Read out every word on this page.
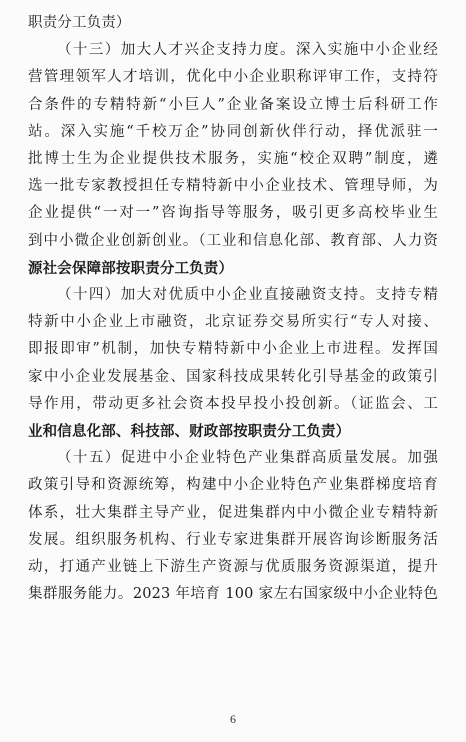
职责分工负责）
（十三）加大人才兴企支持力度。深入实施中小企业经
营管理领军人才培训，优化中小企业职称评审工作，支持符
合条件的专精特新“小巨人”企业备案设立博士后科研工作
站。深入实施“千校万企”协同创新伙伴行动，择优派驻一
批博士生为企业提供技术服务，实施“校企双聘”制度，遴
选一批专家教授担任专精特新中小企业技术、管理导师，为
企业提供“一对一”咨询指导等服务，吸引更多高校毕业生
到中小微企业创新创业。（工业和信息化部、教育部、人力资
源社会保障部按职责分工负责）
（十四）加大对优质中小企业直接融资支持。支持专精
特新中小企业上市融资，北京证券交易所实行“专人对接、
即报即审”机制，加快专精特新中小企业上市进程。发挥国
家中小企业发展基金、国家科技成果转化引导基金的政策引
导作用，带动更多社会资本投早投小投创新。（证监会、工
业和信息化部、科技部、财政部按职责分工负责）
（十五）促进中小企业特色产业集群高质量发展。加强
政策引导和资源统筹，构建中小企业特色产业集群梯度培育
体系，壮大集群主导产业，促进集群内中小微企业专精特新
发展。组织服务机构、行业专家进集群开展咨询诊断服务活
动，打通产业链上下游生产资源与优质服务资源渠道，提升
集群服务能力。2023 年培育 100 家左右国家级中小企业特色
6
